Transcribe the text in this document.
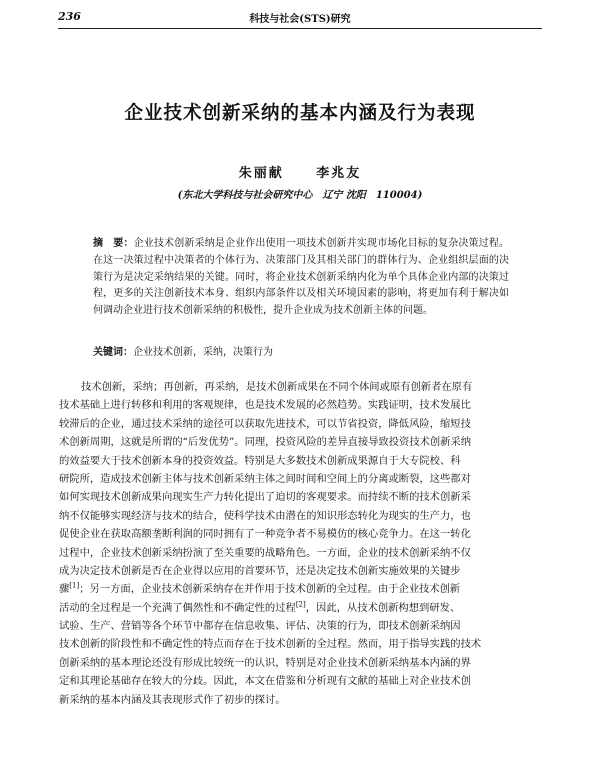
236	科技与社会(STS)研究
企业技术创新采纳的基本内涵及行为表现
朱丽献	李兆友
(东北大学科技与社会研究中心　辽宁 沈阳　110004)
摘　要：企业技术创新采纳是企业作出使用一项技术创新并实现市场化目标的复杂决策过程。在这一决策过程中决策者的个体行为、决策部门及其相关部门的群体行为、企业组织层面的决策行为是决定采纳结果的关键。同时，将企业技术创新采纳内化为单个具体企业内部的决策过程，更多的关注创新技术本身、组织内部条件以及相关环境因素的影响，将更加有利于解决如何调动企业进行技术创新采纳的积极性，提升企业成为技术创新主体的问题。
关键词：企业技术创新，采纳，决策行为
技术创新，采纳；再创新，再采纳，是技术创新成果在不同个体间或原有创新者在原有
技术基础上进行转移和利用的客观规律，也是技术发展的必然趋势。实践证明，技术发展比
较滞后的企业，通过技术采纳的途径可以获取先进技术，可以节省投资，降低风险，缩短技
术创新周期，这就是所谓的“后发优势”。同理，投资风险的差异直接导致投资技术创新采纳
的效益要大于技术创新本身的投资效益。特别是大多数技术创新成果源自于大专院校、科
研院所，造成技术创新主体与技术创新采纳主体之间时间和空间上的分离或断裂，这些都对
如何实现技术创新成果向现实生产力转化提出了迫切的客观要求。而持续不断的技术创新采
纳不仅能够实现经济与技术的结合，使科学技术由潜在的知识形态转化为现实的生产力，也
促使企业在获取高额垄断利润的同时拥有了一种竞争者不易模仿的核心竞争力。在这一转化
过程中，企业技术创新采纳扮演了至关重要的战略角色。一方面，企业的技术创新采纳不仅
成为决定技术创新是否在企业得以应用的首要环节，还是决定技术创新实施效果的关键步
骤[1]；另一方面，企业技术创新采纳存在并作用于技术创新的全过程。由于企业技术创新
活动的全过程是一个充满了偶然性和不确定性的过程[2]，因此，从技术创新构想到研发、
试验、生产、营销等各个环节中都存在信息收集、评估、决策的行为，即技术创新采纳因
技术创新的阶段性和不确定性的特点而存在于技术创新的全过程。然而，用于指导实践的技术
创新采纳的基本理论还没有形成比较统一的认识，特别是对企业技术创新采纳基本内涵的界
定和其理论基础存在较大的分歧。因此，本文在借鉴和分析现有文献的基础上对企业技术创
新采纳的基本内涵及其表现形式作了初步的探讨。
